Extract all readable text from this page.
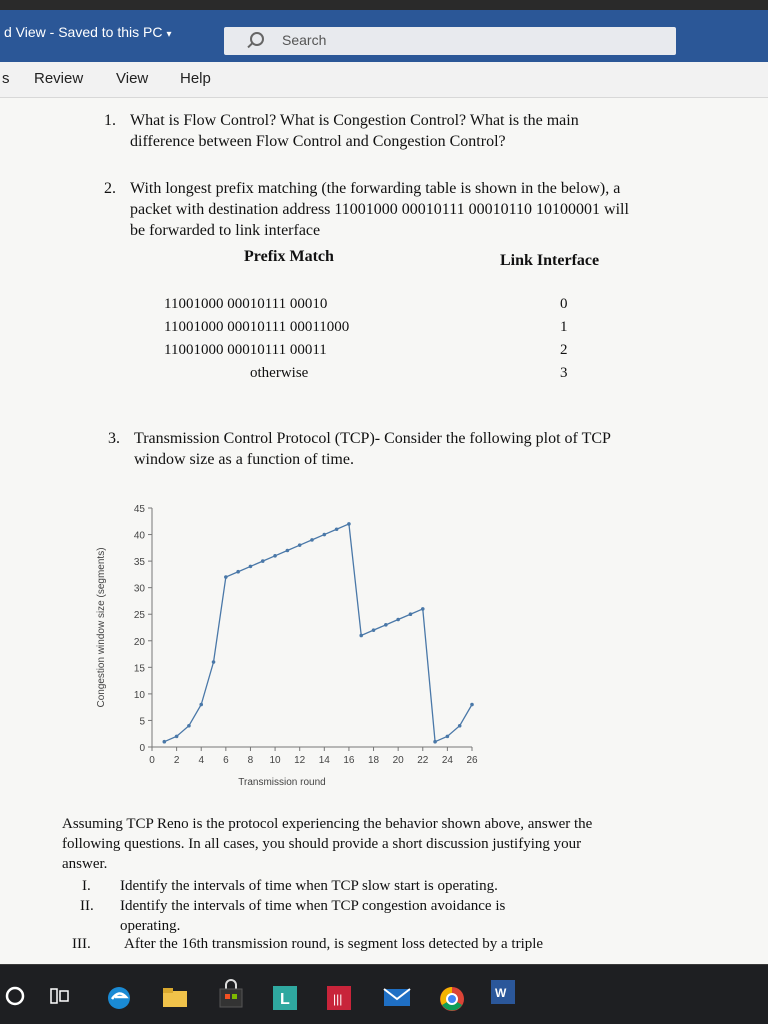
d View - Saved to this PC ▾	Search
s Review View Help
1. What is Flow Control? What is Congestion Control? What is the main
difference between Flow Control and Congestion Control?
2. With longest prefix matching (the forwarding table is shown in the below), a
packet with destination address 11001000 00010111 00010110 10100001 will
be forwarded to link interface
Prefix Match	Link Interface
11001000 00010111 00010	0
11001000 00010111 00011000	1
11001000 00010111 00011	2
otherwise	3
3. Transmission Control Protocol (TCP)- Consider the following plot of TCP
window size as a function of time.
0
5
10
15
20
25
30
35
40
45
0 2 4 6 8 10 12 14 16 18 20 22 24 26
Transmission round
Congestion window size (segments)
Assuming TCP Reno is the protocol experiencing the behavior shown above, answer the
following questions. In all cases, you should provide a short discussion justifying your
answer.
I. Identify the intervals of time when TCP slow start is operating.
II. Identify the intervals of time when TCP congestion avoidance is
operating.
III. After the 16th transmission round, is segment loss detected by a triple
L	|||	W
